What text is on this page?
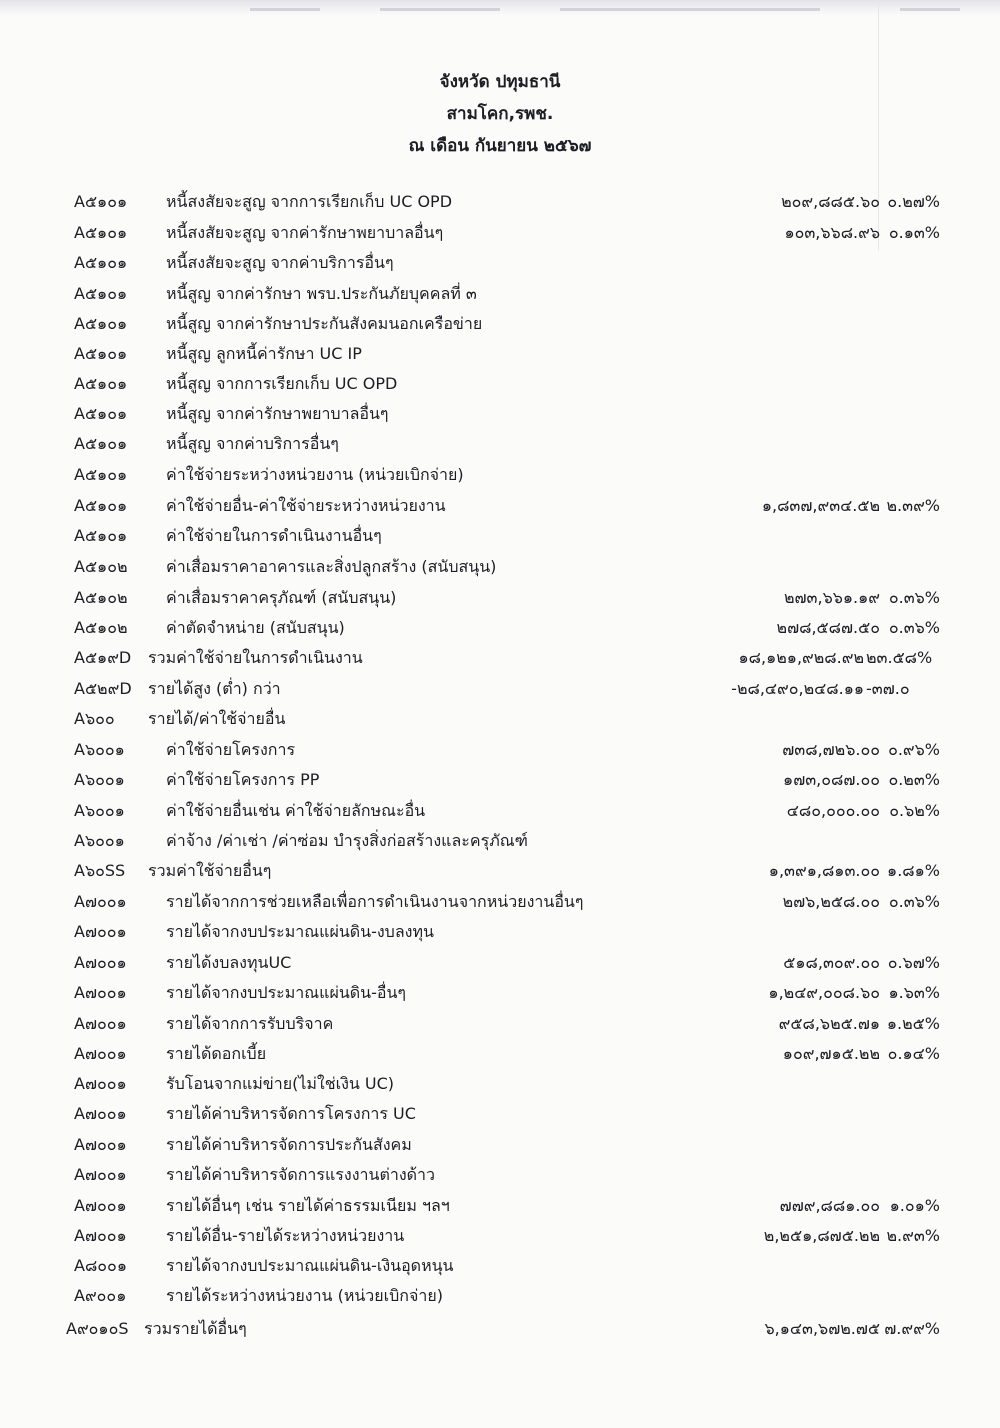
จังหวัด ปทุมธานี
สามโคก,รพช.
ณ เดือน กันยายน ๒๕๖๗
A๕๑๐๑ หนี้สงสัยจะสูญ จากการเรียกเก็บ UC OPD	๒๐๙,๘๘๕.๖๐ ๐.๒๗%
A๕๑๐๑ หนี้สงสัยจะสูญ จากค่ารักษาพยาบาลอื่นๆ	๑๐๓,๖๖๘.๙๖ ๐.๑๓%
A๕๑๐๑ หนี้สงสัยจะสูญ จากค่าบริการอื่นๆ
A๕๑๐๑ หนี้สูญ จากค่ารักษา พรบ.ประกันภัยบุคคลที่ ๓
A๕๑๐๑ หนี้สูญ จากค่ารักษาประกันสังคมนอกเครือข่าย
A๕๑๐๑ หนี้สูญ ลูกหนี้ค่ารักษา UC IP
A๕๑๐๑ หนี้สูญ จากการเรียกเก็บ UC OPD
A๕๑๐๑ หนี้สูญ จากค่ารักษาพยาบาลอื่นๆ
A๕๑๐๑ หนี้สูญ จากค่าบริการอื่นๆ
A๕๑๐๑ ค่าใช้จ่ายระหว่างหน่วยงาน (หน่วยเบิกจ่าย)
A๕๑๐๑ ค่าใช้จ่ายอื่น-ค่าใช้จ่ายระหว่างหน่วยงาน	๑,๘๓๗,๙๓๔.๕๒ ๒.๓๙%
A๕๑๐๑ ค่าใช้จ่ายในการดำเนินงานอื่นๆ
A๕๑๐๒ ค่าเสื่อมราคาอาคารและสิ่งปลูกสร้าง (สนับสนุน)
A๕๑๐๒ ค่าเสื่อมราคาครุภัณฑ์ (สนับสนุน)	๒๗๓,๖๖๑.๑๙ ๐.๓๖%
A๕๑๐๒ ค่าตัดจำหน่าย (สนับสนุน)	๒๗๘,๕๘๗.๕๐ ๐.๓๖%
A๕๑๙D รวมค่าใช้จ่ายในการดำเนินงาน	๑๘,๑๒๑,๙๒๘.๙๒ ๒๓.๕๘%
A๕๒๙D รายได้สูง (ต่ำ) กว่า	-๒๘,๔๙๐,๒๔๘.๑๑ -๓๗.๐
A๖๐๐ รายได้/ค่าใช้จ่ายอื่น
A๖๐๐๑	ค่าใช้จ่ายโครงการ	๗๓๘,๗๒๖.๐๐ ๐.๙๖%
A๖๐๐๑	ค่าใช้จ่ายโครงการ PP	๑๗๓,๐๘๗.๐๐ ๐.๒๓%
A๖๐๐๑	ค่าใช้จ่ายอื่นเช่น ค่าใช้จ่ายลักษณะอื่น	๔๘๐,๐๐๐.๐๐ ๐.๖๒%
A๖๐๐๑	ค่าจ้าง /ค่าเช่า /ค่าซ่อม บำรุงสิ่งก่อสร้างและครุภัณฑ์
A๖๐SS รวมค่าใช้จ่ายอื่นๆ	๑,๓๙๑,๘๑๓.๐๐ ๑.๘๑%
A๗๐๐๑ รายได้จากการช่วยเหลือเพื่อการดำเนินงานจากหน่วยงานอื่นๆ	๒๗๖,๒๕๘.๐๐ ๐.๓๖%
A๗๐๐๑ รายได้จากงบประมาณแผ่นดิน-งบลงทุน
A๗๐๐๑ รายได้งบลงทุนUC	๕๑๘,๓๐๙.๐๐ ๐.๖๗%
A๗๐๐๑ รายได้จากงบประมาณแผ่นดิน-อื่นๆ	๑,๒๔๙,๐๐๘.๖๐ ๑.๖๓%
A๗๐๐๑ รายได้จากการรับบริจาค	๙๕๘,๖๒๕.๗๑ ๑.๒๕%
A๗๐๐๑ รายได้ดอกเบี้ย	๑๐๙,๗๑๕.๒๒ ๐.๑๔%
A๗๐๐๑ รับโอนจากแม่ข่าย(ไม่ใช่เงิน UC)
A๗๐๐๑ รายได้ค่าบริหารจัดการโครงการ UC
A๗๐๐๑ รายได้ค่าบริหารจัดการประกันสังคม
A๗๐๐๑ รายได้ค่าบริหารจัดการแรงงานต่างด้าว
A๗๐๐๑ รายได้อื่นๆ เช่น รายได้ค่าธรรมเนียม ฯลฯ	๗๗๙,๘๘๑.๐๐ ๑.๐๑%
A๗๐๐๑ รายได้อื่น-รายได้ระหว่างหน่วยงาน	๒,๒๕๑,๘๗๕.๒๒ ๒.๙๓%
A๘๐๐๑ รายได้จากงบประมาณแผ่นดิน-เงินอุดหนุน
A๙๐๐๑ รายได้ระหว่างหน่วยงาน (หน่วยเบิกจ่าย)
A๙๐๑๐S รวมรายได้อื่นๆ	๖,๑๔๓,๖๗๒.๗๕ ๗.๙๙%
